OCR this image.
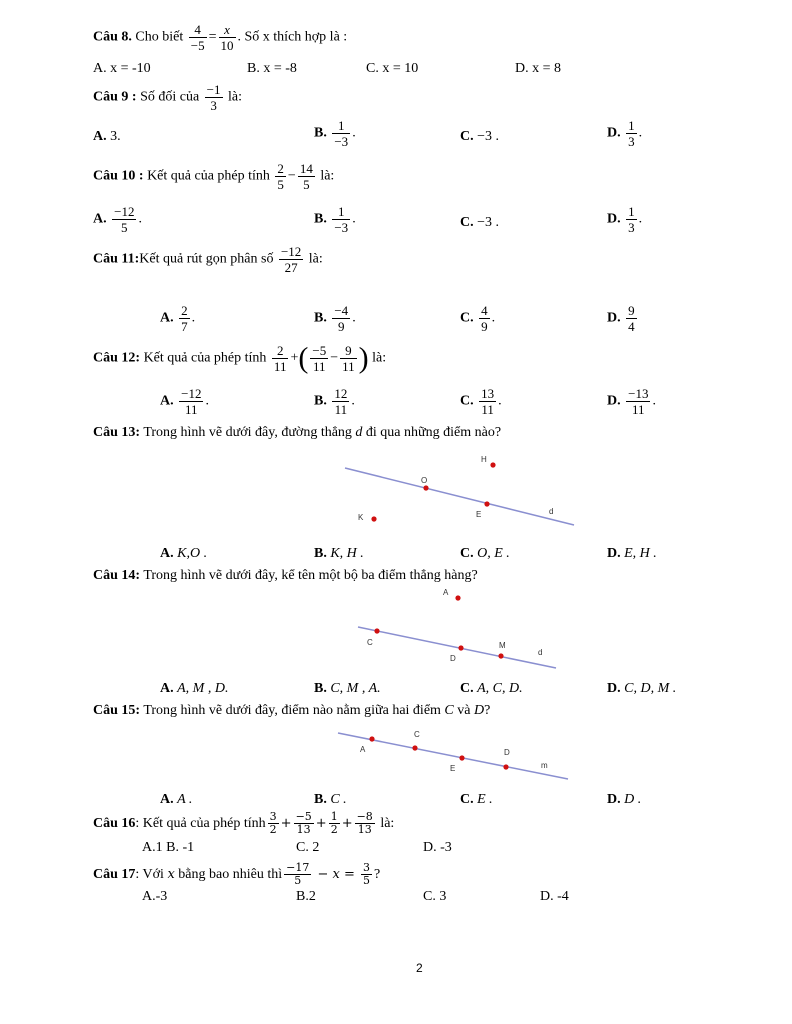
Câu 8. Cho biết $\frac{4}{-5} = \frac{x}{10}$ . Số x thích hợp là :
A. x = -10	B. x = -8	C. x = 10	D. x = 8
Câu 9 : Số đối của $\frac{-1}{3}$ là:
A. 3.	B. $\frac{1}{-3}$ .	C. −3 .	D. $\frac{1}{3}$ .
Câu 10 : Kết quả của phép tính $\frac{2}{5} - \frac{14}{5}$ là:
A. $\frac{-12}{5}$ .	B. $\frac{1}{-3}$ .	C. −3 .	D. $\frac{1}{3}$ .
Câu 11:Kết quả rút gọn phân số $\frac{-12}{27}$ là:
A. $\frac{2}{7}$ .	B. $\frac{-4}{9}$ .	C. $\frac{4}{9}$ .	D. $\frac{9}{4}$
Câu 12: Kết quả của phép tính $\frac{2}{11}$ +( $\frac{-5}{11} - \frac{9}{11}$ ) là:
A. $\frac{-12}{11}$ .	B. $\frac{12}{11}$ .	C. $\frac{13}{11}$ .	D. $\frac{-13}{11}$ .
Câu 13: Trong hình vẽ dưới đây, đường thẳng d đi qua những điểm nào?
H
O
E	d
K
A. K,O .	B. K, H .	C. O, E .	D. E, H .
Câu 14: Trong hình vẽ dưới đây, kể tên một bộ ba điểm thẳng hàng?
A
C
D
M
d
A. A, M , D.	B. C, M , A.	C. A, C, D.	D. C, D, M .
Câu 15: Trong hình vẽ dưới đây, điểm nào nằm giữa hai điểm C và D?
A
C
E
D
m
A. A .	B. C .	C. E .	D. D .
Câu 16: Kết quả của phép tính $\frac{3}{2} + \frac{-5}{13} + \frac{1}{2} + \frac{-8}{13}$ là:
A.1 B. -1	C. 2	D. -3
Câu 17: Với 𝑥 bằng bao nhiêu thì $\frac{-17}{5}$ − 𝑥 = $\frac{3}{5}$ ?
A.-3	B.2	C. 3	D. -4
2
